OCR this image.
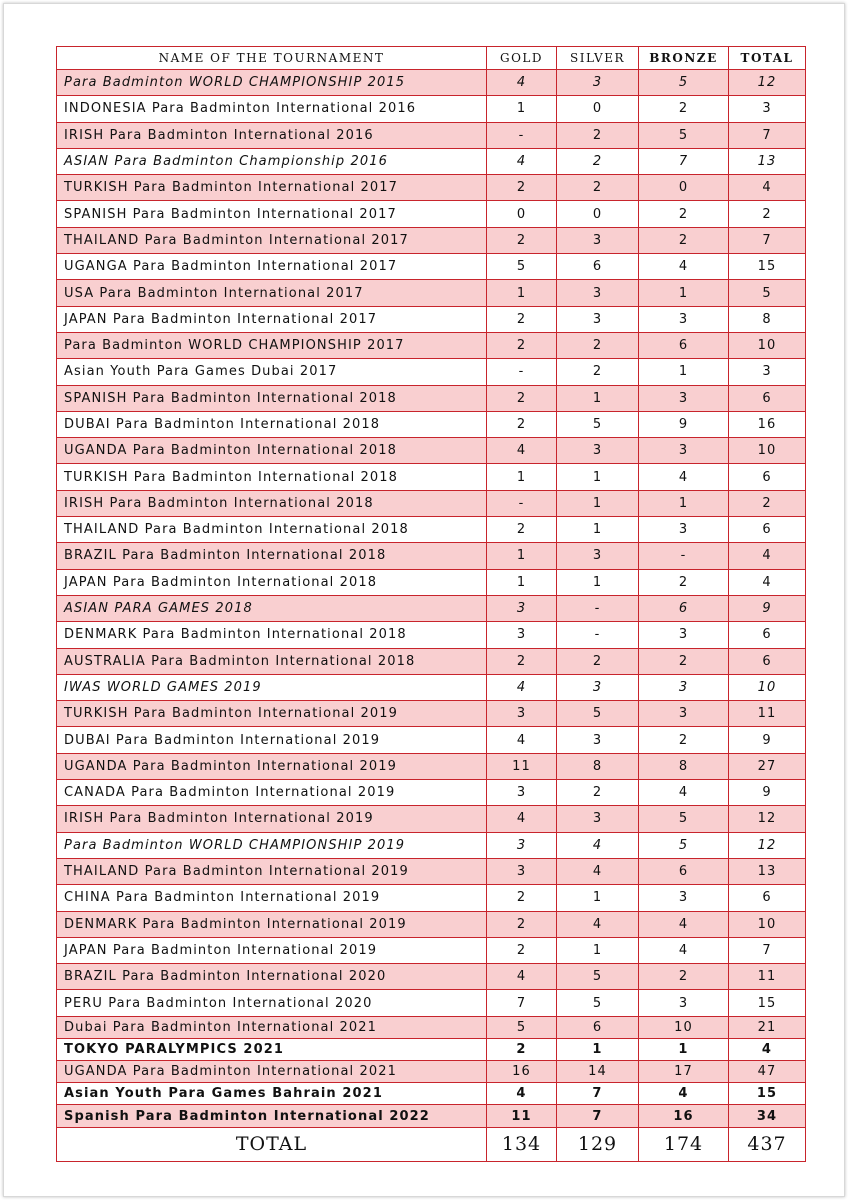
NAME OF THE TOURNAMENT	GOLD	SILVER	BRONZE	TOTAL
Para Badminton WORLD CHAMPIONSHIP 2015	4	3	5	12
INDONESIA Para Badminton International 2016	1	0	2	3
IRISH Para Badminton International 2016	-	2	5	7
ASIAN Para Badminton Championship 2016	4	2	7	13
TURKISH Para Badminton International 2017	2	2	0	4
SPANISH Para Badminton International 2017	0	0	2	2
THAILAND Para Badminton International 2017	2	3	2	7
UGANGA Para Badminton International 2017	5	6	4	15
USA Para Badminton International 2017	1	3	1	5
JAPAN Para Badminton International 2017	2	3	3	8
Para Badminton WORLD CHAMPIONSHIP 2017	2	2	6	10
Asian Youth Para Games Dubai 2017	-	2	1	3
SPANISH Para Badminton International 2018	2	1	3	6
DUBAI Para Badminton International 2018	2	5	9	16
UGANDA Para Badminton International 2018	4	3	3	10
TURKISH Para Badminton International 2018	1	1	4	6
IRISH Para Badminton International 2018	-	1	1	2
THAILAND Para Badminton International 2018	2	1	3	6
BRAZIL Para Badminton International 2018	1	3	-	4
JAPAN Para Badminton International 2018	1	1	2	4
ASIAN PARA GAMES 2018	3	-	6	9
DENMARK Para Badminton International 2018	3	-	3	6
AUSTRALIA Para Badminton International 2018	2	2	2	6
IWAS WORLD GAMES 2019	4	3	3	10
TURKISH Para Badminton International 2019	3	5	3	11
DUBAI Para Badminton International 2019	4	3	2	9
UGANDA Para Badminton International 2019	11	8	8	27
CANADA Para Badminton International 2019	3	2	4	9
IRISH Para Badminton International 2019	4	3	5	12
Para Badminton WORLD CHAMPIONSHIP 2019	3	4	5	12
THAILAND Para Badminton International 2019	3	4	6	13
CHINA Para Badminton International 2019	2	1	3	6
DENMARK Para Badminton International 2019	2	4	4	10
JAPAN Para Badminton International 2019	2	1	4	7
BRAZIL Para Badminton International 2020	4	5	2	11
PERU Para Badminton International 2020	7	5	3	15
Dubai Para Badminton International 2021	5	6	10	21
TOKYO PARALYMPICS 2021	2	1	1	4
UGANDA Para Badminton International 2021	16	14	17	47
Asian Youth Para Games Bahrain 2021	4	7	4	15
Spanish Para Badminton International 2022	11	7	16	34
TOTAL	134	129	174	437
